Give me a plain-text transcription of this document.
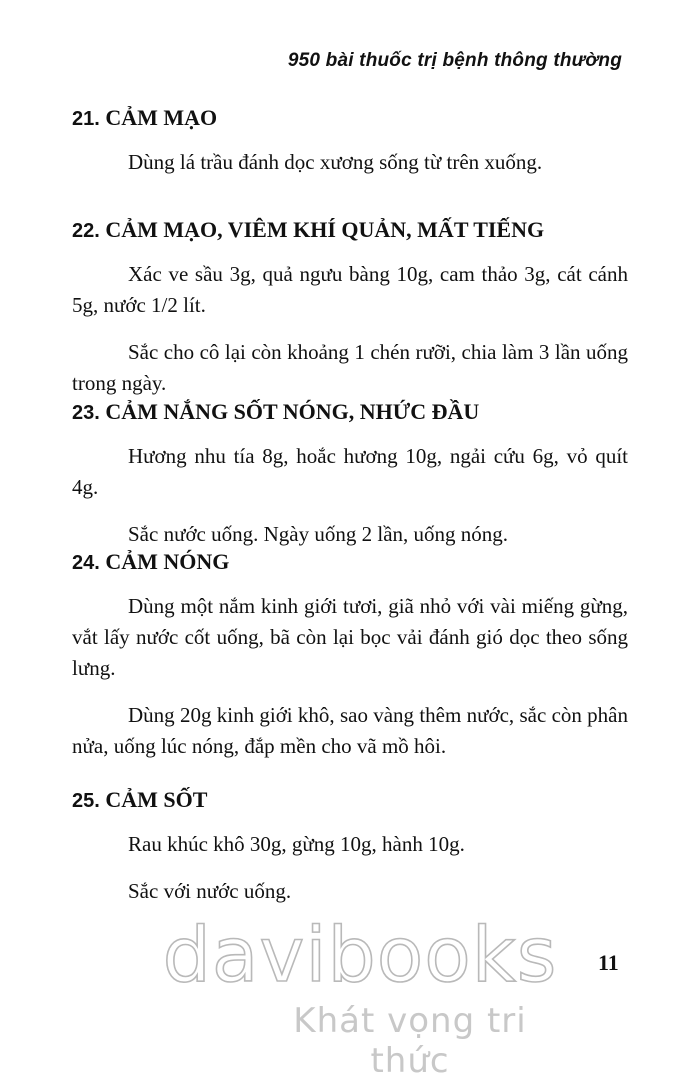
950 bài thuốc trị bệnh thông thường
21. CẢM MẠO

Dùng lá trầu đánh dọc xương sống từ trên xuống.

22. CẢM MẠO, VIÊM KHÍ QUẢN, MẤT TIẾNG

Xác ve sầu 3g, quả ngưu bàng 10g, cam thảo 3g, cát cánh 5g, nước 1/2 lít.

Sắc cho cô lại còn khoảng 1 chén rưỡi, chia làm 3 lần uống trong ngày.

23. CẢM NẮNG SỐT NÓNG, NHỨC ĐẦU

Hương nhu tía 8g, hoắc hương 10g, ngải cứu 6g, vỏ quít 4g.

Sắc nước uống. Ngày uống 2 lần, uống nóng.

24. CẢM NÓNG

Dùng một nắm kinh giới tươi, giã nhỏ với vài miếng gừng, vắt lấy nước cốt uống, bã còn lại bọc vải đánh gió dọc theo sống lưng.

Dùng 20g kinh giới khô, sao vàng thêm nước, sắc còn phân nửa, uống lúc nóng, đắp mền cho vã mồ hôi.

25. CẢM SỐT

Rau khúc khô 30g, gừng 10g, hành 10g.

Sắc với nước uống.

11
davibooks
Khát vọng tri thức
